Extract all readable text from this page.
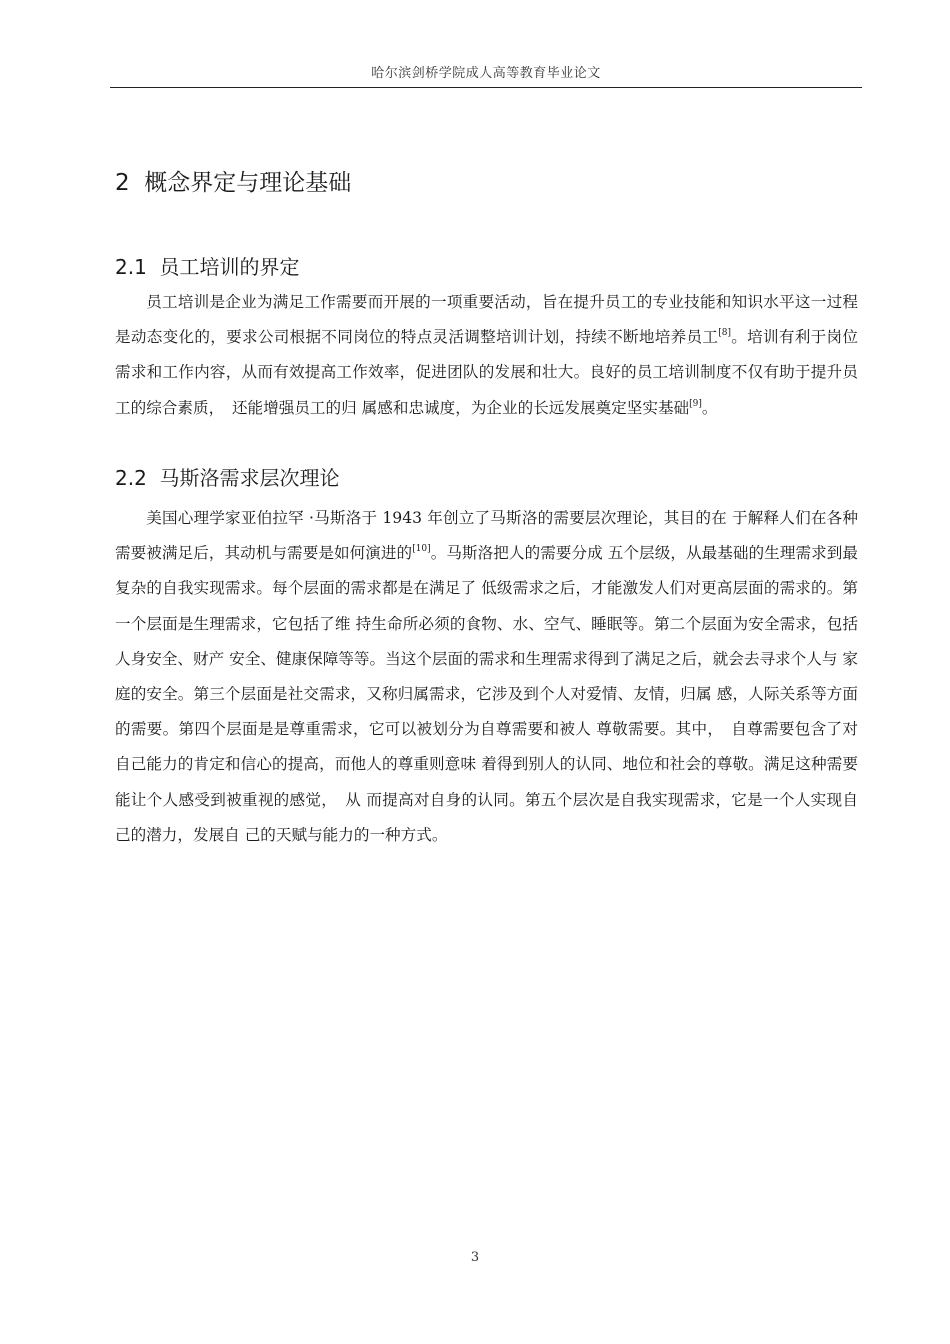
哈尔滨剑桥学院成人高等教育毕业论文
2 概念界定与理论基础
2.1 员工培训的界定

员工培训是企业为满足工作需要而开展的一项重要活动，旨在提升员工的专业技能和知识水平这一过程是动态变化的，要求公司根据不同岗位的特点灵活调整培训计划，持续不断地培养员工[8]。培训有利于岗位需求和工作内容，从而有效提高工作效率，促进团队的发展和壮大。良好的员工培训制度不仅有助于提升员工的综合素质，　还能增强员工的归 属感和忠诚度，为企业的长远发展奠定坚实基础[9]。

2.2 马斯洛需求层次理论

美国心理学家亚伯拉罕 ·马斯洛于 1943 年创立了马斯洛的需要层次理论，其目的在 于解释人们在各种需要被满足后，其动机与需要是如何演进的[10]。马斯洛把人的需要分成 五个层级，从最基础的生理需求到最复杂的自我实现需求。每个层面的需求都是在满足了 低级需求之后，才能激发人们对更高层面的需求的。第一个层面是生理需求，它包括了维 持生命所必须的食物、水、空气、睡眠等。第二个层面为安全需求，包括人身安全、财产 安全、健康保障等等。当这个层面的需求和生理需求得到了满足之后，就会去寻求个人与 家庭的安全。第三个层面是社交需求，又称归属需求，它涉及到个人对爱情、友情，归属 感，人际关系等方面的需要。第四个层面是是尊重需求，它可以被划分为自尊需要和被人 尊敬需要。其中，　自尊需要包含了对自己能力的肯定和信心的提高，而他人的尊重则意味 着得到别人的认同、地位和社会的尊敬。满足这种需要能让个人感受到被重视的感觉，　从 而提高对自身的认同。第五个层次是自我实现需求，它是一个人实现自己的潜力，发展自 己的天赋与能力的一种方式。

3
